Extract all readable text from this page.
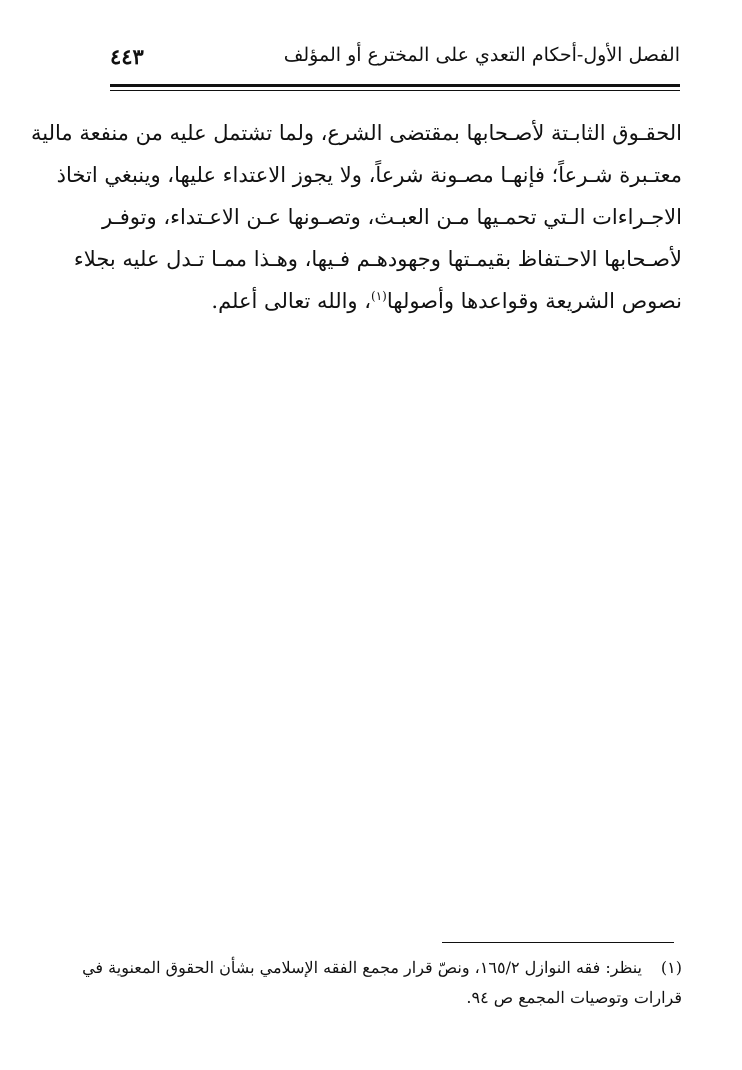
الفصل الأول-أحكام التعدي على المخترع أو المؤلف
٤٤٣

الحقـوق الثابـتة لأصـحابها بمقتضى الشرع، ولما تشتمل عليه من منفعة مالية
معتـبرة شـرعاً؛ فإنهـا مصـونة شرعاً، ولا يجوز الاعتداء عليها، وينبغي اتخاذ
الاجـراءات الـتي تحمـيها مـن العبـث، وتصـونها عـن الاعـتداء، وتوفـر
لأصـحابها الاحـتفاظ بقيمـتها وجهودهـم فـيها، وهـذا ممـا تـدل عليه بجلاء
نصوص الشريعة وقواعدها وأصولها$^{(١)}$، والله تعالى أعلم.

(١)ينظر: فقه النوازل ١٦٥/٢، ونصّ قرار مجمع الفقه الإسلامي بشأن الحقوق المعنوية في
قرارات وتوصيات المجمع ص ٩٤.
